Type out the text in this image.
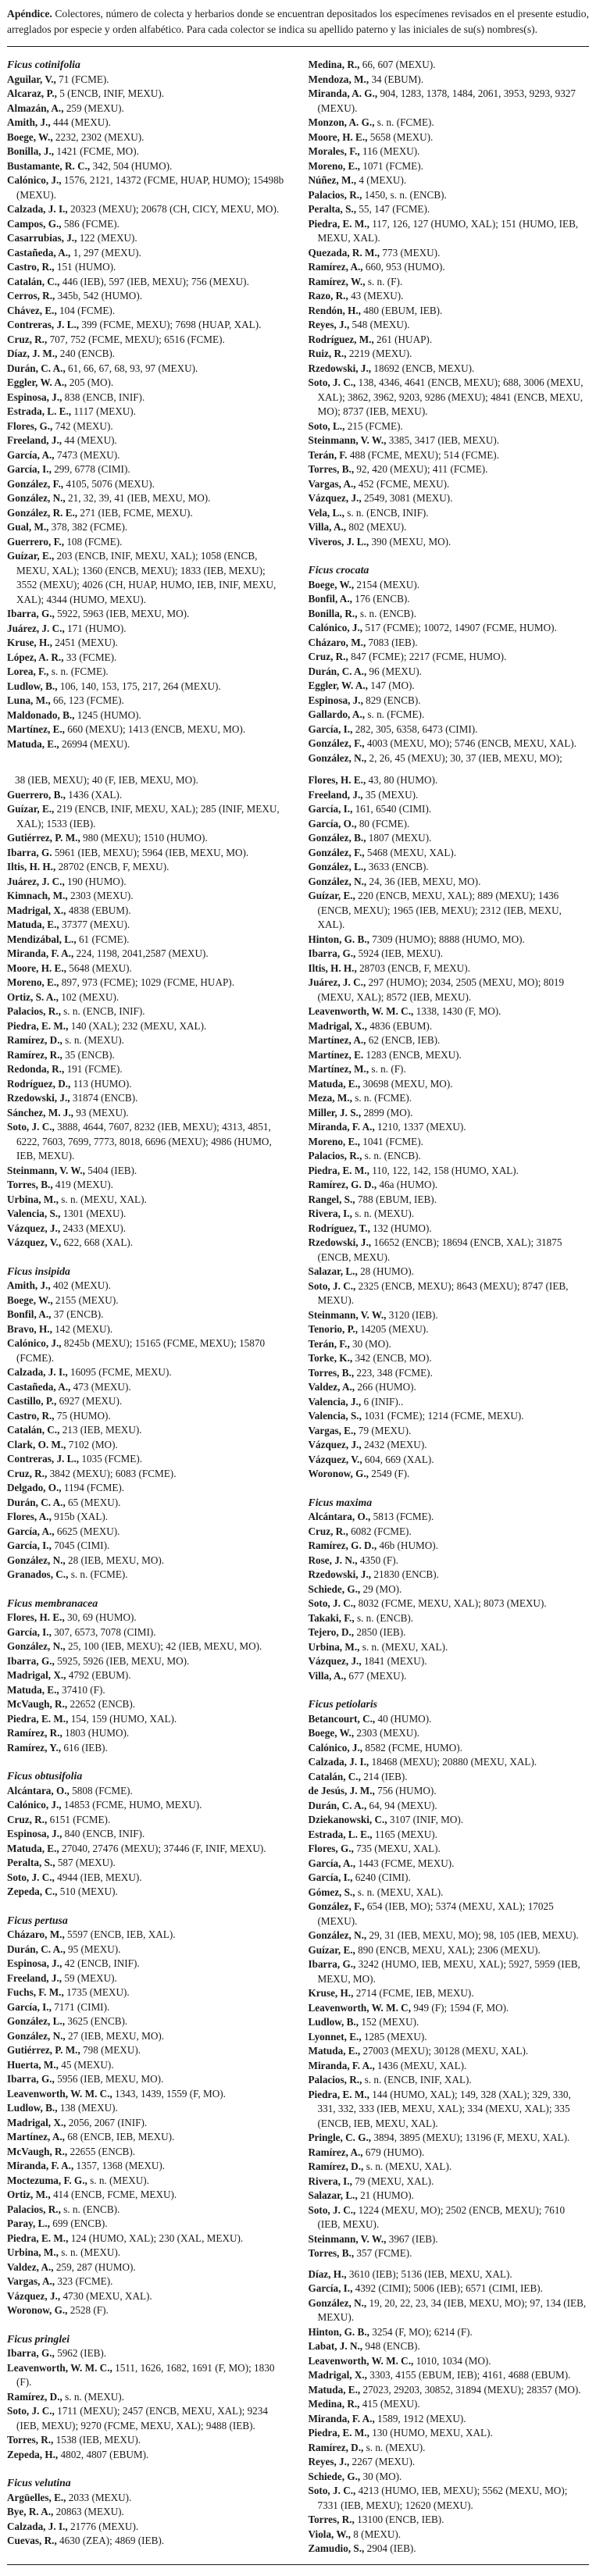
Apéndice. Colectores, número de colecta y herbarios donde se encuentran depositados los especímenes revisados en el presente estudio, arreglados por especie y orden alfabético. Para cada colector se indica su apellido paterno y las iniciales de su(s) nombres(s).

Ficus cotinifolia
Aguilar, V., 71 (FCME).
Alcaraz, P., 5 (ENCB, INIF, MEXU).
Almazán, A., 259 (MEXU).
Amith, J., 444 (MEXU).
Boege, W., 2232, 2302 (MEXU).
Bonilla, J., 1421 (FCME, MO).
Bustamante, R. C., 342, 504 (HUMO).
Calónico, J., 1576, 2121, 14372 (FCME, HUAP, HUMO); 15498b (MEXU).
Calzada, J. I., 20323 (MEXU); 20678 (CH, CICY, MEXU, MO).
Campos, G., 586 (FCME).
Casarrubias, J., 122 (MEXU).
Castañeda, A., 1, 297 (MEXU).
Castro, R., 151 (HUMO).
Catalán, C., 446 (IEB), 597 (IEB, MEXU); 756 (MEXU).
Cerros, R., 345b, 542 (HUMO).
Chávez, E., 104 (FCME).
Contreras, J. L., 399 (FCME, MEXU); 7698 (HUAP, XAL).
Cruz, R., 707, 752 (FCME, MEXU); 6516 (FCME).
Díaz, J. M., 240 (ENCB).
Durán, C. A., 61, 66, 67, 68, 93, 97 (MEXU).
Eggler, W. A., 205 (MO).
Espinosa, J., 838 (ENCB, INIF).
Estrada, L. E., 1117 (MEXU).
Flores, G., 742 (MEXU).
Freeland, J., 44 (MEXU).
García, A., 7473 (MEXU).
García, I., 299, 6778 (CIMI).
González, F., 4105, 5076 (MEXU).
González, N., 21, 32, 39, 41 (IEB, MEXU, MO).
González, R. E., 271 (IEB, FCME, MEXU).
Gual, M., 378, 382 (FCME).
Guerrero, F., 108 (FCME).
Guízar, E., 203 (ENCB, INIF, MEXU, XAL); 1058 (ENCB, MEXU, XAL); 1360 (ENCB, MEXU); 1833 (IEB, MEXU); 3552 (MEXU); 4026 (CH, HUAP, HUMO, IEB, INIF, MEXU, XAL); 4344 (HUMO, MEXU).
Ibarra, G., 5922, 5963 (IEB, MEXU, MO).
Juárez, J. C., 171 (HUMO).
Kruse, H., 2451 (MEXU).
López, A. R., 33 (FCME).
Lorea, F., s. n. (FCME).
Ludlow, B., 106, 140, 153, 175, 217, 264 (MEXU).
Luna, M., 66, 123 (FCME).
Maldonado, B., 1245 (HUMO).
Martínez, E., 660 (MEXU); 1413 (ENCB, MEXU, MO).
Matuda, E., 26994 (MEXU).
Medina, R., 66, 607 (MEXU).
Mendoza, M., 34 (EBUM).
Miranda, A. G., 904, 1283, 1378, 1484, 2061, 3953, 9293, 9327 (MEXU).
Monzon, A. G., s. n. (FCME).
Moore, H. E., 5658 (MEXU).
Morales, F., 116 (MEXU).
Moreno, E., 1071 (FCME).
Núñez, M., 4 (MEXU).
Palacios, R., 1450, s. n. (ENCB).
Peralta, S., 55, 147 (FCME).
Piedra, E. M., 117, 126, 127 (HUMO, XAL); 151 (HUMO, IEB, MEXU, XAL).
Quezada, R. M., 773 (MEXU).
Ramírez, A., 660, 953 (HUMO).
Ramírez, W., s. n. (F).
Razo, R., 43 (MEXU).
Rendón, H., 480 (EBUM, IEB).
Reyes, J., 548 (MEXU).
Rodríguez, M., 261 (HUAP).
Ruiz, R., 2219 (MEXU).
Rzedowski, J., 18692 (ENCB, MEXU).
Soto, J. C., 138, 4346, 4641 (ENCB, MEXU); 688, 3006 (MEXU, XAL); 3862, 3962, 9203, 9286 (MEXU); 4841 (ENCB, MEXU, MO); 8737 (IEB, MEXU).
Soto, L., 215 (FCME).
Steinmann, V. W., 3385, 3417 (IEB, MEXU).
Terán, F. 488 (FCME, MEXU); 514 (FCME).
Torres, B., 92, 420 (MEXU); 411 (FCME).
Vargas, A., 452 (FCME, MEXU).
Vázquez, J., 2549, 3081 (MEXU).
Vela, L., s. n. (ENCB, INIF).
Villa, A., 802 (MEXU).
Viveros, J. L., 390 (MEXU, MO).
Ficus crocata
Boege, W., 2154 (MEXU).
Bonfil, A., 176 (ENCB).
Bonilla, R., s. n. (ENCB).
Calónico, J., 517 (FCME); 10072, 14907 (FCME, HUMO).
Cházaro, M., 7083 (IEB).
Cruz, R., 847 (FCME); 2217 (FCME, HUMO).
Durán, C. A., 96 (MEXU).
Eggler, W. A., 147 (MO).
Espinosa, J., 829 (ENCB).
Gallardo, A., s. n. (FCME).
García, I., 282, 305, 6358, 6473 (CIMI).
González, F., 4003 (MEXU, MO); 5746 (ENCB, MEXU, XAL).
González, N., 2, 26, 45 (MEXU); 30, 37 (IEB, MEXU, MO);
38 (IEB, MEXU); 40 (F, IEB, MEXU, MO).
Guerrero, B., 1436 (XAL).
Guízar, E., 219 (ENCB, INIF, MEXU, XAL); 285 (INIF, MEXU, XAL); 1533 (IEB).
Gutiérrez, P. M., 980 (MEXU); 1510 (HUMO).
Ibarra, G. 5961 (IEB, MEXU); 5964 (IEB, MEXU, MO).
Iltis, H. H., 28702 (ENCB, F, MEXU).
Juárez, J. C., 190 (HUMO).
Kimnach, M., 2303 (MEXU).
Madrigal, X., 4838 (EBUM).
Matuda, E., 37377 (MEXU).
Mendizábal, L., 61 (FCME).
Miranda, F. A., 224, 1198, 2041,2587 (MEXU).
Moore, H. E., 5648 (MEXU).
Moreno, E., 897, 973 (FCME); 1029 (FCME, HUAP).
Ortiz, S. A., 102 (MEXU).
Palacios, R., s. n. (ENCB, INIF).
Piedra, E. M., 140 (XAL); 232 (MEXU, XAL).
Ramírez, D., s. n. (MEXU).
Ramírez, R., 35 (ENCB).
Redonda, R., 191 (FCME).
Rodríguez, D., 113 (HUMO).
Rzedowski, J., 31874 (ENCB).
Sánchez, M. J., 93 (MEXU).
Soto, J. C., 3888, 4644, 7607, 8232 (IEB, MEXU); 4313, 4851, 6222, 7603, 7699, 7773, 8018, 6696 (MEXU); 4986 (HUMO, IEB, MEXU).
Steinmann, V. W., 5404 (IEB).
Torres, B., 419 (MEXU).
Urbina, M., s. n. (MEXU, XAL).
Valencia, S., 1301 (MEXU).
Vázquez, J., 2433 (MEXU).
Vázquez, V., 622, 668 (XAL).
Ficus insipida
Amith, J., 402 (MEXU).
Boege, W., 2155 (MEXU).
Bonfil, A., 37 (ENCB).
Bravo, H., 142 (MEXU).
Calónico, J., 8245b (MEXU); 15165 (FCME, MEXU); 15870 (FCME).
Calzada, J. I., 16095 (FCME, MEXU).
Castañeda, A., 473 (MEXU).
Castillo, P., 6927 (MEXU).
Castro, R., 75 (HUMO).
Catalán, C., 213 (IEB, MEXU).
Clark, O. M., 7102 (MO).
Contreras, J. L., 1035 (FCME).
Cruz, R., 3842 (MEXU); 6083 (FCME).
Delgado, O., 1194 (FCME).
Durán, C. A., 65 (MEXU).
Flores, A., 915b (XAL).
García, A., 6625 (MEXU).
García, I., 7045 (CIMI).
González, N., 28 (IEB, MEXU, MO).
Granados, C., s. n. (FCME).
Ficus membranacea
Flores, H. E., 30, 69 (HUMO).
García, I., 307, 6573, 7078 (CIMI).
González, N., 25, 100 (IEB, MEXU); 42 (IEB, MEXU, MO).
Ibarra, G., 5925, 5926 (IEB, MEXU, MO).
Madrigal, X., 4792 (EBUM).
Matuda, E., 37410 (F).
McVaugh, R., 22652 (ENCB).
Piedra, E. M., 154, 159 (HUMO, XAL).
Ramírez, R., 1803 (HUMO).
Ramírez, Y., 616 (IEB).
Ficus obtusifolia
Alcántara, O., 5808 (FCME).
Calónico, J., 14853 (FCME, HUMO, MEXU).
Cruz, R., 6151 (FCME).
Espinosa, J., 840 (ENCB, INIF).
Matuda, E., 27040, 27476 (MEXU); 37446 (F, INIF, MEXU).
Peralta, S., 587 (MEXU).
Soto, J. C., 4944 (IEB, MEXU).
Zepeda, C., 510 (MEXU).
Ficus pertusa
Cházaro, M., 5597 (ENCB, IEB, XAL).
Durán, C. A., 95 (MEXU).
Espinosa, J., 42 (ENCB, INIF).
Freeland, J., 59 (MEXU).
Fuchs, F. M., 1735 (MEXU).
García, I., 7171 (CIMI).
González, L., 3625 (ENCB).
González, N., 27 (IEB, MEXU, MO).
Gutiérrez, P. M., 798 (MEXU).
Huerta, M., 45 (MEXU).
Ibarra, G., 5956 (IEB, MEXU, MO).
Leavenworth, W. M. C., 1343, 1439, 1559 (F, MO).
Ludlow, B., 138 (MEXU).
Madrigal, X., 2056, 2067 (INIF).
Martínez, A., 68 (ENCB, IEB, MEXU).
McVaugh, R., 22655 (ENCB).
Miranda, F. A., 1357, 1368 (MEXU).
Moctezuma, F. G., s. n. (MEXU).
Ortiz, M., 414 (ENCB, FCME, MEXU).
Palacios, R., s. n. (ENCB).
Paray, L., 699 (ENCB).
Piedra, E. M., 124 (HUMO, XAL); 230 (XAL, MEXU).
Urbina, M., s. n. (MEXU).
Valdez, A., 259, 287 (HUMO).
Vargas, A., 323 (FCME).
Vázquez, J., 4730 (MEXU, XAL).
Woronow, G., 2528 (F).
Ficus pringlei
Ibarra, G., 5962 (IEB).
Leavenworth, W. M. C., 1511, 1626, 1682, 1691 (F, MO); 1830 (F).
Ramírez, D., s. n. (MEXU).
Soto, J. C., 1711 (MEXU); 2457 (ENCB, MEXU, XAL); 9234 (IEB, MEXU); 9270 (FCME, MEXU, XAL); 9488 (IEB).
Torres, R., 1538 (IEB, MEXU).
Zepeda, H., 4802, 4807 (EBUM).
Ficus velutina
Argüelles, E., 2033 (MEXU).
Bye, R. A., 20863 (MEXU).
Calzada, J. I., 21776 (MEXU).
Cuevas, R., 4630 (ZEA); 4869 (IEB).
Flores, H. E., 43, 80 (HUMO).
Freeland, J., 35 (MEXU).
García, I., 161, 6540 (CIMI).
García, O., 80 (FCME).
González, B., 1807 (MEXU).
González, F., 5468 (MEXU, XAL).
González, L., 3633 (ENCB).
González, N., 24, 36 (IEB, MEXU, MO).
Guízar, E., 220 (ENCB, MEXU, XAL); 889 (MEXU); 1436 (ENCB, MEXU); 1965 (IEB, MEXU); 2312 (IEB, MEXU, XAL).
Hinton, G. B., 7309 (HUMO); 8888 (HUMO, MO).
Ibarra, G., 5924 (IEB, MEXU).
Iltis, H. H., 28703 (ENCB, F, MEXU).
Juárez, J. C., 297 (HUMO); 2034, 2505 (MEXU, MO); 8019 (MEXU, XAL); 8572 (IEB, MEXU).
Leavenworth, W. M. C., 1338, 1430 (F, MO).
Madrigal, X., 4836 (EBUM).
Martínez, A., 62 (ENCB, IEB).
Martínez, E. 1283 (ENCB, MEXU).
Martínez, M., s. n. (F).
Matuda, E., 30698 (MEXU, MO).
Meza, M., s. n. (FCME).
Miller, J. S., 2899 (MO).
Miranda, F. A., 1210, 1337 (MEXU).
Moreno, E., 1041 (FCME).
Palacios, R., s. n. (ENCB).
Piedra, E. M., 110, 122, 142, 158 (HUMO, XAL).
Ramírez, G. D., 46a (HUMO).
Rangel, S., 788 (EBUM, IEB).
Rivera, I., s. n. (MEXU).
Rodríguez, T., 132 (HUMO).
Rzedowski, J., 16652 (ENCB); 18694 (ENCB, XAL); 31875 (ENCB, MEXU).
Salazar, L., 28 (HUMO).
Soto, J. C., 2325 (ENCB, MEXU); 8643 (MEXU); 8747 (IEB, MEXU).
Steinmann, V. W., 3120 (IEB).
Tenorio, P., 14205 (MEXU).
Terán, F., 30 (MO).
Torke, K., 342 (ENCB, MO).
Torres, B., 223, 348 (FCME).
Valdez, A., 266 (HUMO).
Valencia, J., 6 (INIF)..
Valencia, S., 1031 (FCME); 1214 (FCME, MEXU).
Vargas, E., 79 (MEXU).
Vázquez, J., 2432 (MEXU).
Vázquez, V., 604, 669 (XAL).
Woronow, G., 2549 (F).
Ficus maxima
Alcántara, O., 5813 (FCME).
Cruz, R., 6082 (FCME).
Ramírez, G. D., 46b (HUMO).
Rose, J. N., 4350 (F).
Rzedowski, J., 21830 (ENCB).
Schiede, G., 29 (MO).
Soto, J. C., 8032 (FCME, MEXU, XAL); 8073 (MEXU).
Takaki, F., s. n. (ENCB).
Tejero, D., 2850 (IEB).
Urbina, M., s. n. (MEXU, XAL).
Vázquez, J., 1841 (MEXU).
Villa, A., 677 (MEXU).
Ficus petiolaris
Betancourt, C., 40 (HUMO).
Boege, W., 2303 (MEXU).
Calónico, J., 8582 (FCME, HUMO).
Calzada, J. I., 18468 (MEXU); 20880 (MEXU, XAL).
Catalán, C., 214 (IEB).
de Jesús, J. M., 756 (HUMO).
Durán, C. A., 64, 94 (MEXU).
Dziekanowski, C., 3107 (INIF, MO).
Estrada, L. E., 1165 (MEXU).
Flores, G., 735 (MEXU, XAL).
García, A., 1443 (FCME, MEXU).
García, I., 6240 (CIMI).
Gómez, S., s. n. (MEXU, XAL).
González, F., 654 (IEB, MO); 5374 (MEXU, XAL); 17025 (MEXU).
González, N., 29, 31 (IEB, MEXU, MO); 98, 105 (IEB, MEXU).
Guízar, E., 890 (ENCB, MEXU, XAL); 2306 (MEXU).
Ibarra, G., 3242 (HUMO, IEB, MEXU, XAL); 5927, 5959 (IEB, MEXU, MO).
Kruse, H., 2714 (FCME, IEB, MEXU).
Leavenworth, W. M. C, 949 (F); 1594 (F, MO).
Ludlow, B., 152 (MEXU).
Lyonnet, E., 1285 (MEXU).
Matuda, E., 27003 (MEXU); 30128 (MEXU, XAL).
Miranda, F. A., 1436 (MEXU, XAL).
Palacios, R., s. n. (ENCB, INIF, XAL).
Piedra, E. M., 144 (HUMO, XAL); 149, 328 (XAL); 329, 330, 331, 332, 333 (IEB, MEXU, XAL); 334 (MEXU, XAL); 335 (ENCB, IEB, MEXU, XAL).
Pringle, C. G., 3894, 3895 (MEXU); 13196 (F, MEXU, XAL).
Ramírez, A., 679 (HUMO).
Ramírez, D., s. n. (MEXU, XAL).
Rivera, I., 79 (MEXU, XAL).
Salazar, L., 21 (HUMO).
Soto, J. C., 1224 (MEXU, MO); 2502 (ENCB, MEXU); 7610 (IEB, MEXU).
Steinmann, V. W., 3967 (IEB).
Torres, B., 357 (FCME).
Díaz, H., 3610 (IEB); 5136 (IEB, MEXU, XAL).
García, I., 4392 (CIMI); 5006 (IEB); 6571 (CIMI, IEB).
González, N., 19, 20, 22, 23, 34 (IEB, MEXU, MO); 97, 134 (IEB, MEXU).
Hinton, G. B., 3254 (F, MO); 6214 (F).
Labat, J. N., 948 (ENCB).
Leavenworth, W. M. C., 1010, 1034 (MO).
Madrigal, X., 3303, 4155 (EBUM, IEB); 4161, 4688 (EBUM).
Matuda, E., 27023, 29203, 30852, 31894 (MEXU); 28357 (MO).
Medina, R., 415 (MEXU).
Miranda, F. A., 1589, 1912 (MEXU).
Piedra, E. M., 130 (HUMO, MEXU, XAL).
Ramírez, D., s. n. (MEXU).
Reyes, J., 2267 (MEXU).
Schiede, G., 30 (MO).
Soto, J. C., 4213 (HUMO, IEB, MEXU); 5562 (MEXU, MO); 7331 (IEB, MEXU); 12620 (MEXU).
Torres, R., 13100 (ENCB, IEB).
Viola, W., 8 (MEXU).
Zamudio, S., 2904 (IEB).
